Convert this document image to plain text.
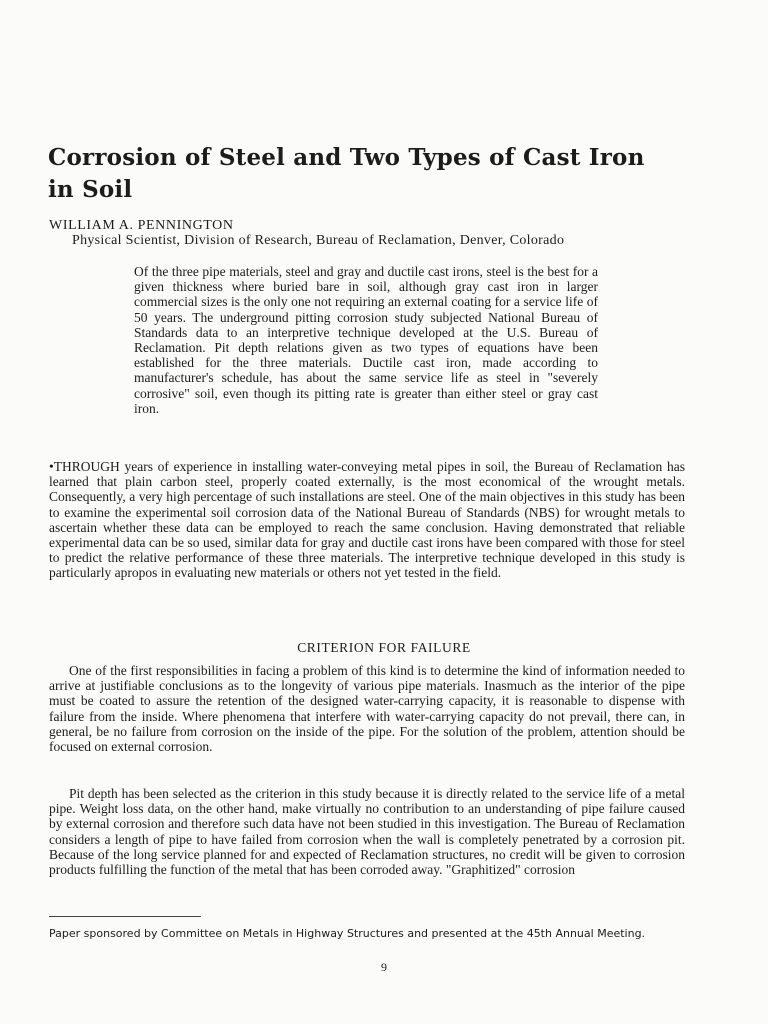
Corrosion of Steel and Two Types of Cast Iron in Soil
WILLIAM A. PENNINGTON
Physical Scientist, Division of Research, Bureau of Reclamation, Denver, Colorado

Of the three pipe materials, steel and gray and ductile cast irons, steel is the best for a given thickness where buried bare in soil, although gray cast iron in larger commercial sizes is the only one not requiring an external coating for a service life of 50 years. The underground pitting corrosion study subjected National Bureau of Standards data to an interpretive technique developed at the U.S. Bureau of Reclamation. Pit depth relations given as two types of equations have been established for the three materials. Ductile cast iron, made according to manufacturer's schedule, has about the same service life as steel in "severely corrosive" soil, even though its pitting rate is greater than either steel or gray cast iron.

•THROUGH years of experience in installing water-conveying metal pipes in soil, the Bureau of Reclamation has learned that plain carbon steel, properly coated externally, is the most economical of the wrought metals. Consequently, a very high percentage of such installations are steel. One of the main objectives in this study has been to examine the experimental soil corrosion data of the National Bureau of Standards (NBS) for wrought metals to ascertain whether these data can be employed to reach the same conclusion. Having demonstrated that reliable experimental data can be so used, similar data for gray and ductile cast irons have been compared with those for steel to predict the relative performance of these three materials. The interpretive technique developed in this study is particularly apropos in evaluating new materials or others not yet tested in the field.

CRITERION FOR FAILURE

One of the first responsibilities in facing a problem of this kind is to determine the kind of information needed to arrive at justifiable conclusions as to the longevity of various pipe materials. Inasmuch as the interior of the pipe must be coated to assure the retention of the designed water-carrying capacity, it is reasonable to dispense with failure from the inside. Where phenomena that interfere with water-carrying capacity do not prevail, there can, in general, be no failure from corrosion on the inside of the pipe. For the solution of the problem, attention should be focused on external corrosion.

Pit depth has been selected as the criterion in this study because it is directly related to the service life of a metal pipe. Weight loss data, on the other hand, make virtually no contribution to an understanding of pipe failure caused by external corrosion and therefore such data have not been studied in this investigation. The Bureau of Reclamation considers a length of pipe to have failed from corrosion when the wall is completely penetrated by a corrosion pit. Because of the long service planned for and expected of Reclamation structures, no credit will be given to corrosion products fulfilling the function of the metal that has been corroded away. "Graphitized" corrosion

Paper sponsored by Committee on Metals in Highway Structures and presented at the 45th Annual Meeting.
9
